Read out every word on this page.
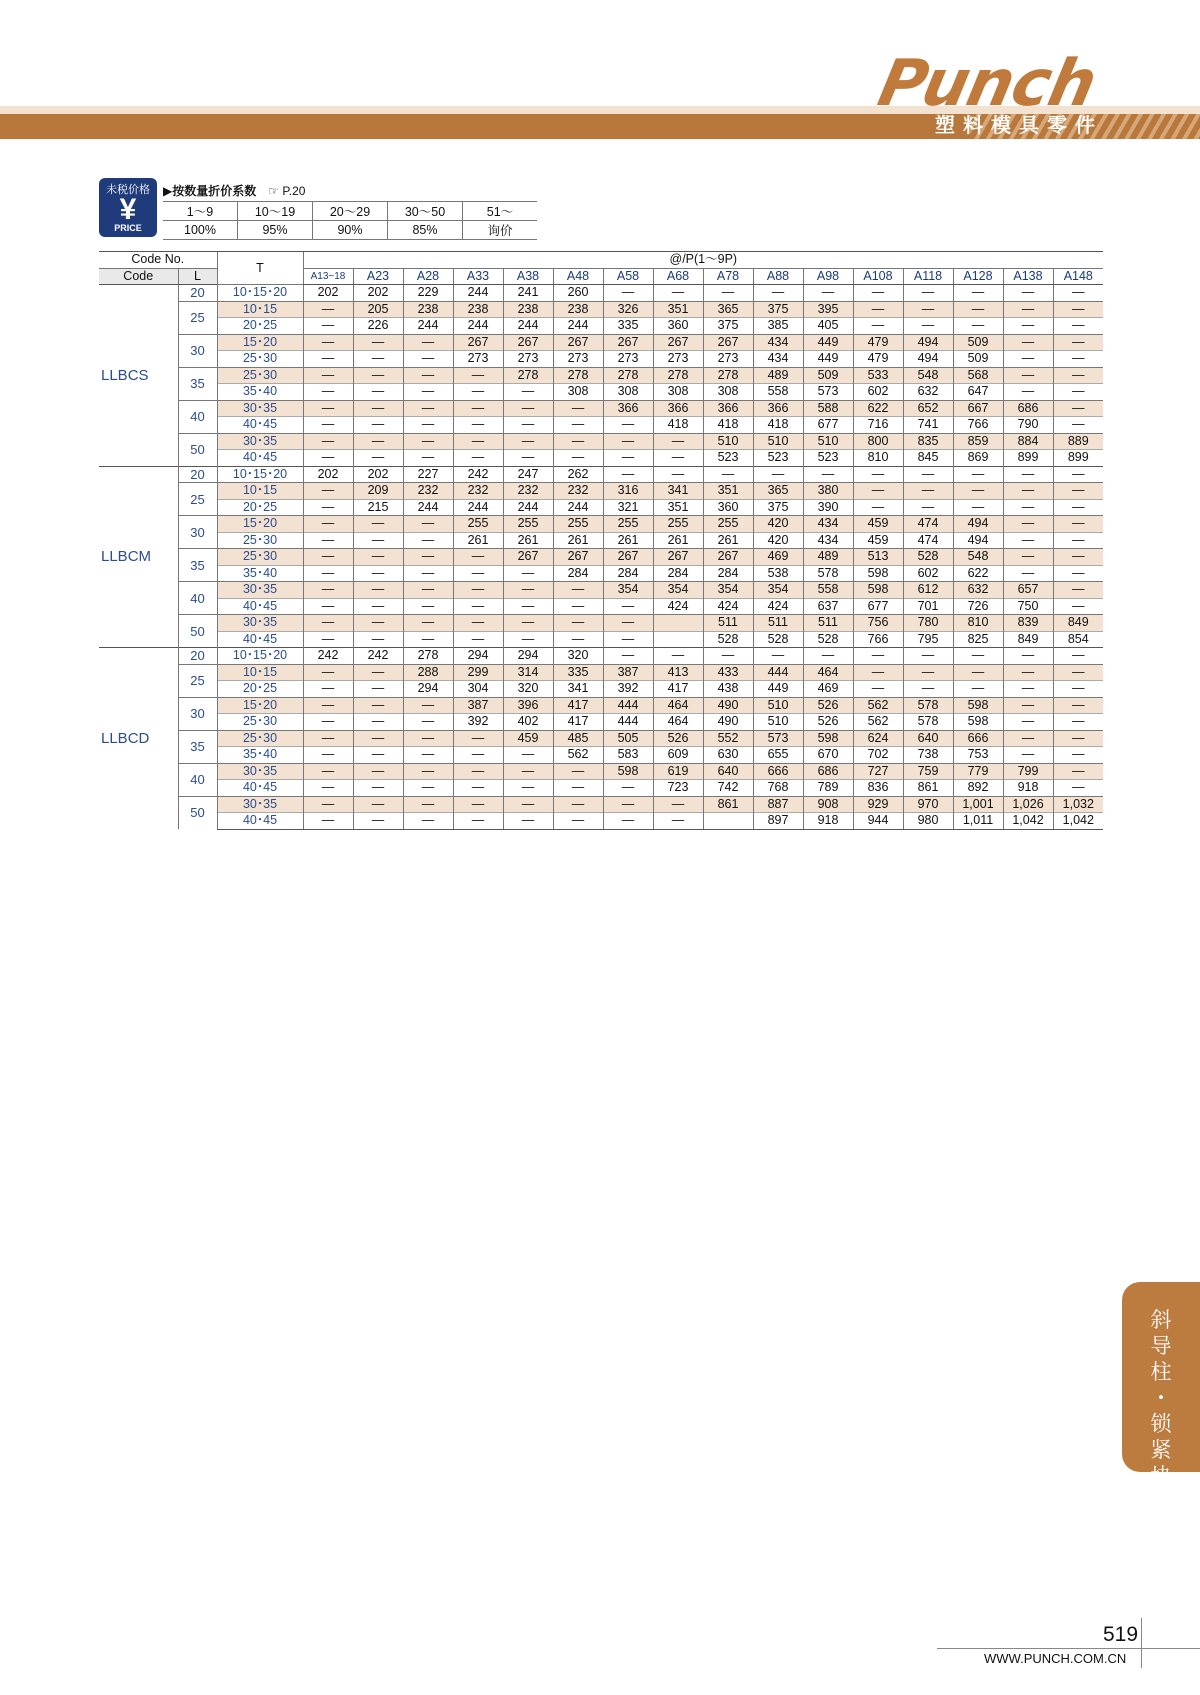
Punch
塑料模具零件
未税价格
¥
PRICE
▶按数量折价系数 ☞ P.20
1～9	10～19	20～29	30～50	51～
100%	95%	90%	85%	询价
Code No.		T	@/P(1～9P)															
Code	L		A13~18	A23	A28	A33	A38	A48	A58	A68	A78	A88	A98	A108	A118	A128	A138	A148
LLBCS	20	10･15･20	202	202	229	244	241	260	—	—	—	—	—	—	—	—	—	—
	25	10･15	—	205	238	238	238	238	326	351	365	375	395	—	—	—	—	—
		20･25	—	226	244	244	244	244	335	360	375	385	405	—	—	—	—	—
	30	15･20	—	—	—	267	267	267	267	267	267	434	449	479	494	509	—	—
		25･30	—	—	—	273	273	273	273	273	273	434	449	479	494	509	—	—
	35	25･30	—	—	—	—	278	278	278	278	278	489	509	533	548	568	—	—
		35･40	—	—	—	—	—	308	308	308	308	558	573	602	632	647	—	—
	40	30･35	—	—	—	—	—	—	366	366	366	366	588	622	652	667	686	—
		40･45	—	—	—	—	—	—	—	418	418	418	677	716	741	766	790	—
	50	30･35	—	—	—	—	—	—	—	—	510	510	510	800	835	859	884	889
		40･45	—	—	—	—	—	—	—	—	523	523	523	810	845	869	899	899
LLBCM	20	10･15･20	202	202	227	242	247	262	—	—	—	—	—	—	—	—	—	—
	25	10･15	—	209	232	232	232	232	316	341	351	365	380	—	—	—	—	—
		20･25	—	215	244	244	244	244	321	351	360	375	390	—	—	—	—	—
	30	15･20	—	—	—	255	255	255	255	255	255	420	434	459	474	494	—	—
		25･30	—	—	—	261	261	261	261	261	261	420	434	459	474	494	—	—
	35	25･30	—	—	—	—	267	267	267	267	267	469	489	513	528	548	—	—
		35･40	—	—	—	—	—	284	284	284	284	538	578	598	602	622	—	—
	40	30･35	—	—	—	—	—	—	354	354	354	354	558	598	612	632	657	—
		40･45	—	—	—	—	—	—	—	424	424	424	637	677	701	726	750	—
	50	30･35	—	—	—	—	—	—	—		511	511	511	756	780	810	839	849
		40･45	—	—	—	—	—	—	—		528	528	528	766	795	825	849	854
LLBCD	20	10･15･20	242	242	278	294	294	320	—	—	—	—	—	—	—	—	—	—
	25	10･15	—	—	288	299	314	335	387	413	433	444	464	—	—	—	—	—
		20･25	—	—	294	304	320	341	392	417	438	449	469	—	—	—	—	—
	30	15･20	—	—	—	387	396	417	444	464	490	510	526	562	578	598	—	—
		25･30	—	—	—	392	402	417	444	464	490	510	526	562	578	598	—	—
	35	25･30	—	—	—	—	459	485	505	526	552	573	598	624	640	666	—	—
		35･40	—	—	—	—	—	562	583	609	630	655	670	702	738	753	—	—
	40	30･35	—	—	—	—	—	—	598	619	640	666	686	727	759	779	799	—
		40･45	—	—	—	—	—	—	—	723	742	768	789	836	861	892	918	—
	50	30･35	—	—	—	—	—	—	—	—	861	887	908	929	970	1,001	1,026	1,032
		40･45	—	—	—	—	—	—	—	—		897	918	944	980	1,011	1,042	1,042
斜
导
柱
･
锁
紧
块
519
WWW.PUNCH.COM.CN
